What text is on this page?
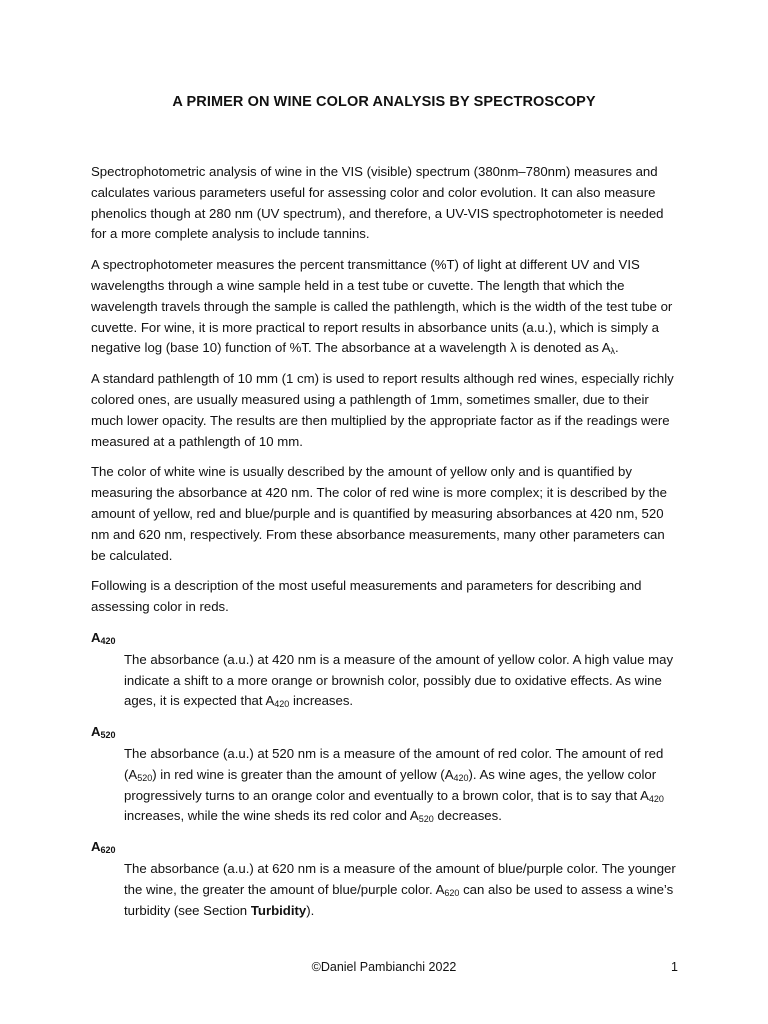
A PRIMER ON WINE COLOR ANALYSIS BY SPECTROSCOPY

Spectrophotometric analysis of wine in the VIS (visible) spectrum (380nm–780nm) measures and calculates various parameters useful for assessing color and color evolution. It can also measure phenolics though at 280 nm (UV spectrum), and therefore, a UV-VIS spectrophotometer is needed for a more complete analysis to include tannins.

A spectrophotometer measures the percent transmittance (%T) of light at different UV and VIS wavelengths through a wine sample held in a test tube or cuvette. The length that which the wavelength travels through the sample is called the pathlength, which is the width of the test tube or cuvette. For wine, it is more practical to report results in absorbance units (a.u.), which is simply a negative log (base 10) function of %T. The absorbance at a wavelength λ is denoted as $A_\lambda$.

A standard pathlength of 10 mm (1 cm) is used to report results although red wines, especially richly colored ones, are usually measured using a pathlength of 1mm, sometimes smaller, due to their much lower opacity. The results are then multiplied by the appropriate factor as if the readings were measured at a pathlength of 10 mm.

The color of white wine is usually described by the amount of yellow only and is quantified by measuring the absorbance at 420 nm. The color of red wine is more complex; it is described by the amount of yellow, red and blue/purple and is quantified by measuring absorbances at 420 nm, 520 nm and 620 nm, respectively. From these absorbance measurements, many other parameters can be calculated.

Following is a description of the most useful measurements and parameters for describing and assessing color in reds.

$A_{420}$
The absorbance (a.u.) at 420 nm is a measure of the amount of yellow color. A high value may indicate a shift to a more orange or brownish color, possibly due to oxidative effects. As wine ages, it is expected that $A_{420}$ increases.
$A_{520}$
The absorbance (a.u.) at 520 nm is a measure of the amount of red color. The amount of red $(A_{520})$ in red wine is greater than the amount of yellow $(A_{420})$. As wine ages, the yellow color progressively turns to an orange color and eventually to a brown color, that is to say that $A_{420}$ increases, while the wine sheds its red color and $A_{520}$ decreases.
$A_{620}$
The absorbance (a.u.) at 620 nm is a measure of the amount of blue/purple color. The younger the wine, the greater the amount of blue/purple color. $A_{620}$ can also be used to assess a wine’s turbidity (see Section Turbidity).
©Daniel Pambianchi 2022	1
